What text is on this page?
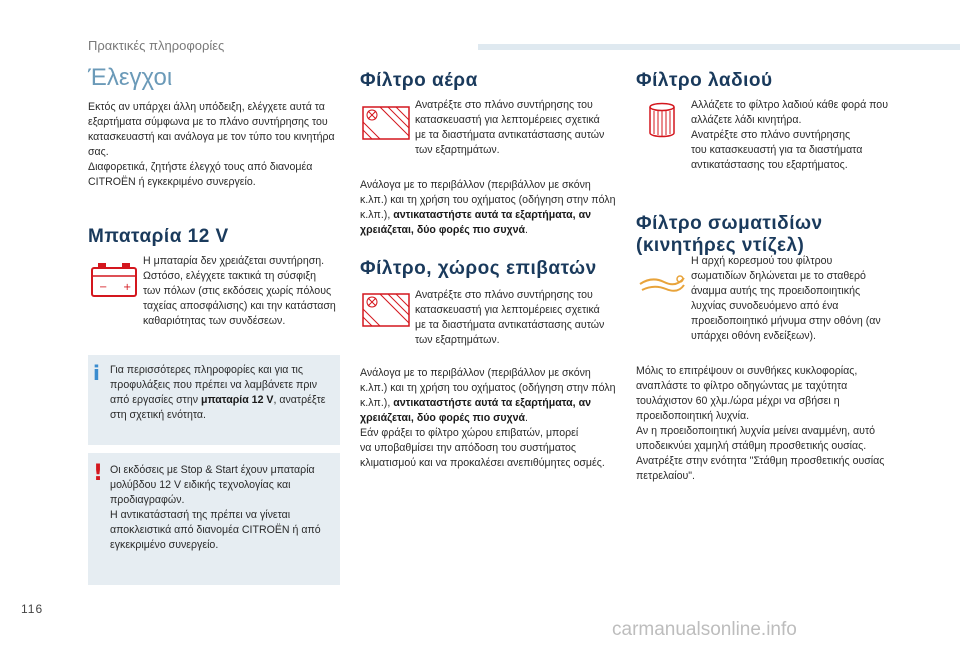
Πρακτικές πληροφορίες
Έλεγχοι
Εκτός αν υπάρχει άλλη υπόδειξη, ελέγχετε αυτά τα
εξαρτήματα σύμφωνα με το πλάνο συντήρησης του
κατασκευαστή και ανάλογα με τον τύπο του κινητήρα
σας.
Διαφορετικά, ζητήστε έλεγχό τους από διανομέα
CITROËN ή εγκεκριμένο συνεργείο.
Μπαταρία 12 V
− +
Η μπαταρία δεν χρειάζεται συντήρηση.
Ωστόσο, ελέγχετε τακτικά τη σύσφιξη
των πόλων (στις εκδόσεις χωρίς πόλους
ταχείας αποσφάλισης) και την κατάσταση
καθαριότητας των συνδέσεων.
i Για περισσότερες πληροφορίες και για τις
προφυλάξεις που πρέπει να λαμβάνετε πριν
από εργασίες στην μπαταρία 12 V, ανατρέξτε
στη σχετική ενότητα.
! Οι εκδόσεις με Stop & Start έχουν μπαταρία
μολύβδου 12 V ειδικής τεχνολογίας και
προδιαγραφών.
Η αντικατάστασή της πρέπει να γίνεται
αποκλειστικά από διανομέα CITROËN ή από
εγκεκριμένο συνεργείο.
Φίλτρο αέρα
Ανατρέξτε στο πλάνο συντήρησης του
κατασκευαστή για λεπτομέρειες σχετικά
με τα διαστήματα αντικατάστασης αυτών
των εξαρτημάτων.
Ανάλογα με το περιβάλλον (περιβάλλον με σκόνη
κ.λπ.) και τη χρήση του οχήματος (οδήγηση στην πόλη
κ.λπ.), αντικαταστήστε αυτά τα εξαρτήματα, αν
χρειάζεται, δύο φορές πιο συχνά.
Φίλτρο, χώρος επιβατών
Ανατρέξτε στο πλάνο συντήρησης του
κατασκευαστή για λεπτομέρειες σχετικά
με τα διαστήματα αντικατάστασης αυτών
των εξαρτημάτων.
Ανάλογα με το περιβάλλον (περιβάλλον με σκόνη
κ.λπ.) και τη χρήση του οχήματος (οδήγηση στην πόλη
κ.λπ.), αντικαταστήστε αυτά τα εξαρτήματα, αν
χρειάζεται, δύο φορές πιο συχνά.
Εάν φράξει το φίλτρο χώρου επιβατών, μπορεί
να υποβαθμίσει την απόδοση του συστήματος
κλιματισμού και να προκαλέσει ανεπιθύμητες οσμές.
Φίλτρο λαδιού
Αλλάζετε το φίλτρο λαδιού κάθε φορά που
αλλάζετε λάδι κινητήρα.
Ανατρέξτε στο πλάνο συντήρησης
του κατασκευαστή για τα διαστήματα
αντικατάστασης του εξαρτήματος.
Φίλτρο σωματιδίων
(κινητήρες ντίζελ)
Η αρχή κορεσμού του φίλτρου
σωματιδίων δηλώνεται με το σταθερό
άναμμα αυτής της προειδοποιητικής
λυχνίας συνοδευόμενο από ένα
προειδοποιητικό μήνυμα στην οθόνη (αν
υπάρχει οθόνη ενδείξεων).
Μόλις το επιτρέψουν οι συνθήκες κυκλοφορίας,
αναπλάστε το φίλτρο οδηγώντας με ταχύτητα
τουλάχιστον 60 χλμ./ώρα μέχρι να σβήσει η
προειδοποιητική λυχνία.
Αν η προειδοποιητική λυχνία μείνει αναμμένη, αυτό
υποδεικνύει χαμηλή στάθμη προσθετικής ουσίας.
Ανατρέξτε στην ενότητα "Στάθμη προσθετικής ουσίας
πετρελαίου".
116
carmanualsonline.info
